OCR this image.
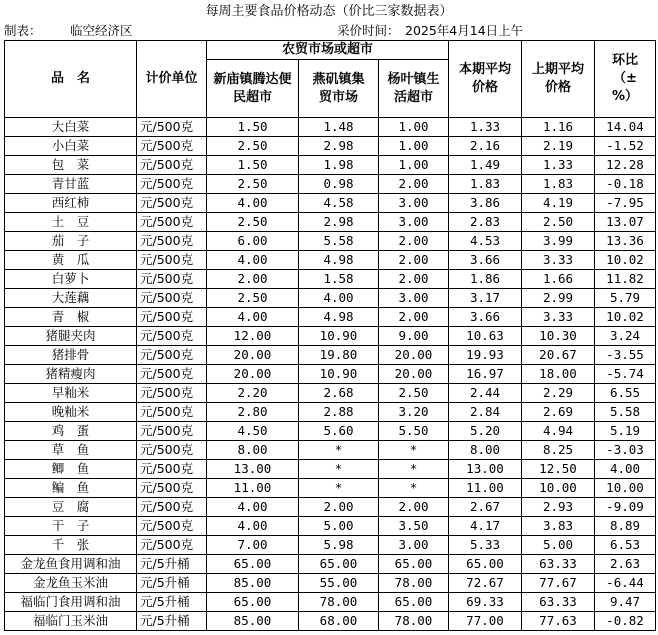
每周主要食品价格动态（价比三家数据表）
制表： 临空经济区	采价时间： 2025年4月14日上午
品　名	计价单位	农贸市场或超市			本期平均价格	上期平均价格	环比（±%）
		新庙镇腾达便民超市	燕矶镇集贸市场	杨叶镇生活超市			
大白菜	元/500克	1.50	1.48	1.00	1.33	1.16	14.04
小白菜	元/500克	2.50	2.98	1.00	2.16	2.19	-1.52
包　菜	元/500克	1.50	1.98	1.00	1.49	1.33	12.28
青甘蓝	元/500克	2.50	0.98	2.00	1.83	1.83	-0.18
西红柿	元/500克	4.00	4.58	3.00	3.86	4.19	-7.95
土　豆	元/500克	2.50	2.98	3.00	2.83	2.50	13.07
茄　子	元/500克	6.00	5.58	2.00	4.53	3.99	13.36
黄　瓜	元/500克	4.00	4.98	2.00	3.66	3.33	10.02
白萝卜	元/500克	2.00	1.58	2.00	1.86	1.66	11.82
大莲藕	元/500克	2.50	4.00	3.00	3.17	2.99	5.79
青　椒	元/500克	4.00	4.98	2.00	3.66	3.33	10.02
猪腿夹肉	元/500克	12.00	10.90	9.00	10.63	10.30	3.24
猪排骨	元/500克	20.00	19.80	20.00	19.93	20.67	-3.55
猪精瘦肉	元/500克	20.00	10.90	20.00	16.97	18.00	-5.74
早籼米	元/500克	2.20	2.68	2.50	2.44	2.29	6.55
晚籼米	元/500克	2.80	2.88	3.20	2.84	2.69	5.58
鸡　蛋	元/500克	4.50	5.60	5.50	5.20	4.94	5.19
草　鱼	元/500克	8.00	*	*	8.00	8.25	-3.03
鲫　鱼	元/500克	13.00	*	*	13.00	12.50	4.00
鳊　鱼	元/500克	11.00	*	*	11.00	10.00	10.00
豆　腐	元/500克	4.00	2.00	2.00	2.67	2.93	-9.09
干　子	元/500克	4.00	5.00	3.50	4.17	3.83	8.89
千　张	元/500克	7.00	5.98	3.00	5.33	5.00	6.53
金龙鱼食用调和油	元/5升桶	65.00	65.00	65.00	65.00	63.33	2.63
金龙鱼玉米油	元/5升桶	85.00	55.00	78.00	72.67	77.67	-6.44
福临门食用调和油	元/5升桶	65.00	78.00	65.00	69.33	63.33	9.47
福临门玉米油	元/5升桶	85.00	68.00	78.00	77.00	77.63	-0.82
